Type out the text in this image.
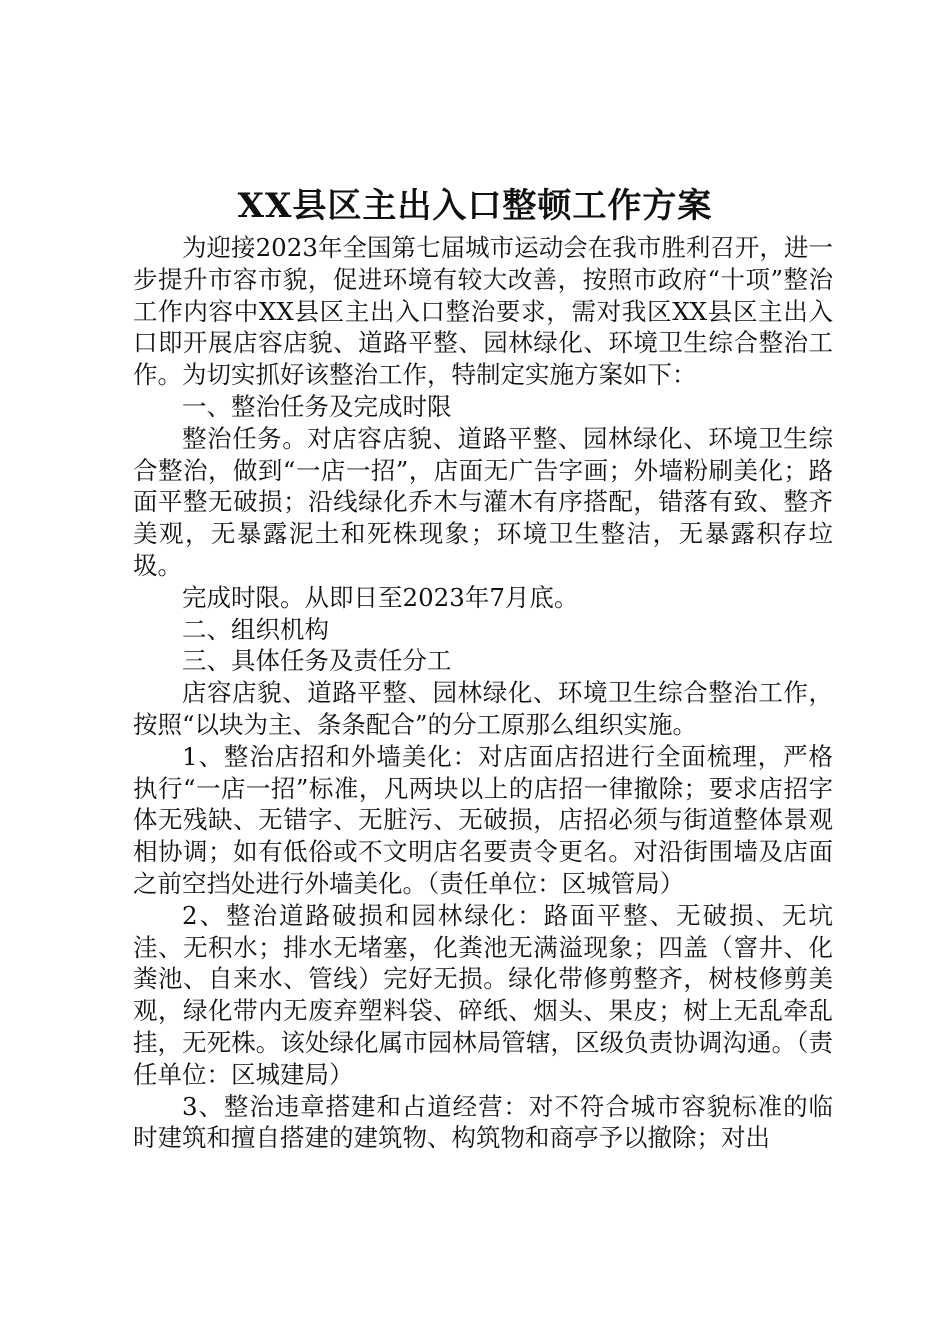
XX县区主出入口整顿工作方案

为迎接2023年全国第七届城市运动会在我市胜利召开，进一步提升市容市貌，促进环境有较大改善，按照市政府“十项”整治工作内容中XX县区主出入口整治要求，需对我区XX县区主出入口即开展店容店貌、道路平整、园林绿化、环境卫生综合整治工作。为切实抓好该整治工作，特制定实施方案如下：

一、整治任务及完成时限

整治任务。对店容店貌、道路平整、园林绿化、环境卫生综合整治，做到“一店一招”，店面无广告字画；外墙粉刷美化；路面平整无破损；沿线绿化乔木与灌木有序搭配，错落有致、整齐美观，无暴露泥土和死株现象；环境卫生整洁，无暴露积存垃圾。

完成时限。从即日至2023年7月底。

二、组织机构

三、具体任务及责任分工

店容店貌、道路平整、园林绿化、环境卫生综合整治工作，按照“以块为主、条条配合”的分工原那么组织实施。

1、整治店招和外墙美化：对店面店招进行全面梳理，严格执行“一店一招”标准，凡两块以上的店招一律撤除；要求店招字体无残缺、无错字、无脏污、无破损，店招必须与街道整体景观相协调；如有低俗或不文明店名要责令更名。对沿街围墙及店面之前空挡处进行外墙美化。（责任单位：区城管局）

2、整治道路破损和园林绿化：路面平整、无破损、无坑洼、无积水；排水无堵塞，化粪池无满溢现象；四盖（窨井、化粪池、自来水、管线）完好无损。绿化带修剪整齐，树枝修剪美观，绿化带内无废弃塑料袋、碎纸、烟头、果皮；树上无乱牵乱挂，无死株。该处绿化属市园林局管辖，区级负责协调沟通。（责任单位：区城建局）

3、整治违章搭建和占道经营：对不符合城市容貌标准的临时建筑和擅自搭建的建筑物、构筑物和商亭予以撤除；对出
